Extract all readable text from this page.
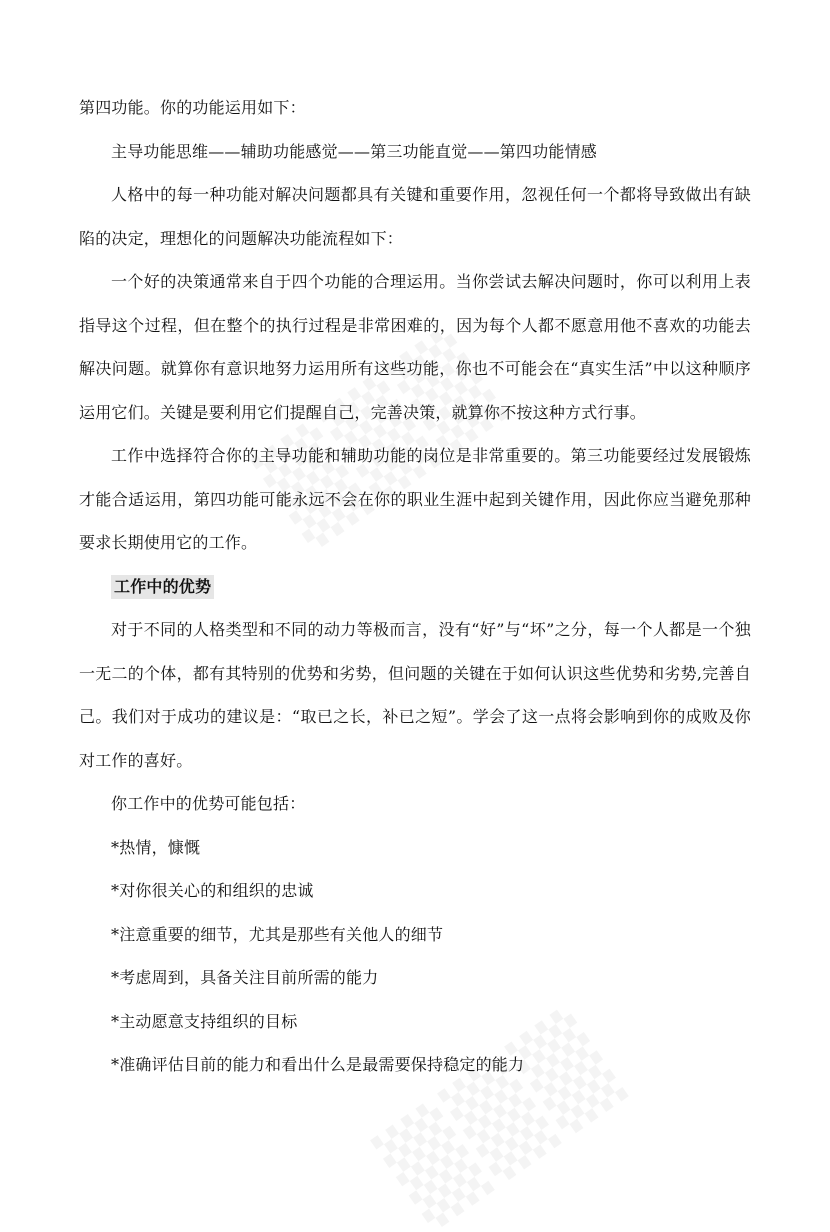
第四功能。你的功能运用如下：

主导功能思维——辅助功能感觉——第三功能直觉——第四功能情感

人格中的每一种功能对解决问题都具有关键和重要作用，忽视任何一个都将导致做出有缺陷的决定，理想化的问题解决功能流程如下：

一个好的决策通常来自于四个功能的合理运用。当你尝试去解决问题时，你可以利用上表指导这个过程，但在整个的执行过程是非常困难的，因为每个人都不愿意用他不喜欢的功能去解决问题。就算你有意识地努力运用所有这些功能，你也不可能会在“真实生活”中以这种顺序运用它们。关键是要利用它们提醒自己，完善决策，就算你不按这种方式行事。

工作中选择符合你的主导功能和辅助功能的岗位是非常重要的。第三功能要经过发展锻炼才能合适运用，第四功能可能永远不会在你的职业生涯中起到关键作用，因此你应当避免那种要求长期使用它的工作。

工作中的优势

对于不同的人格类型和不同的动力等极而言，没有“好”与“坏”之分，每一个人都是一个独一无二的个体，都有其特别的优势和劣势，但问题的关键在于如何认识这些优势和劣势,完善自己。我们对于成功的建议是：“取已之长，补已之短”。学会了这一点将会影响到你的成败及你对工作的喜好。

你工作中的优势可能包括：

*热情，慷慨

*对你很关心的和组织的忠诚

*注意重要的细节，尤其是那些有关他人的细节

*考虑周到，具备关注目前所需的能力

*主动愿意支持组织的目标

*准确评估目前的能力和看出什么是最需要保持稳定的能力
